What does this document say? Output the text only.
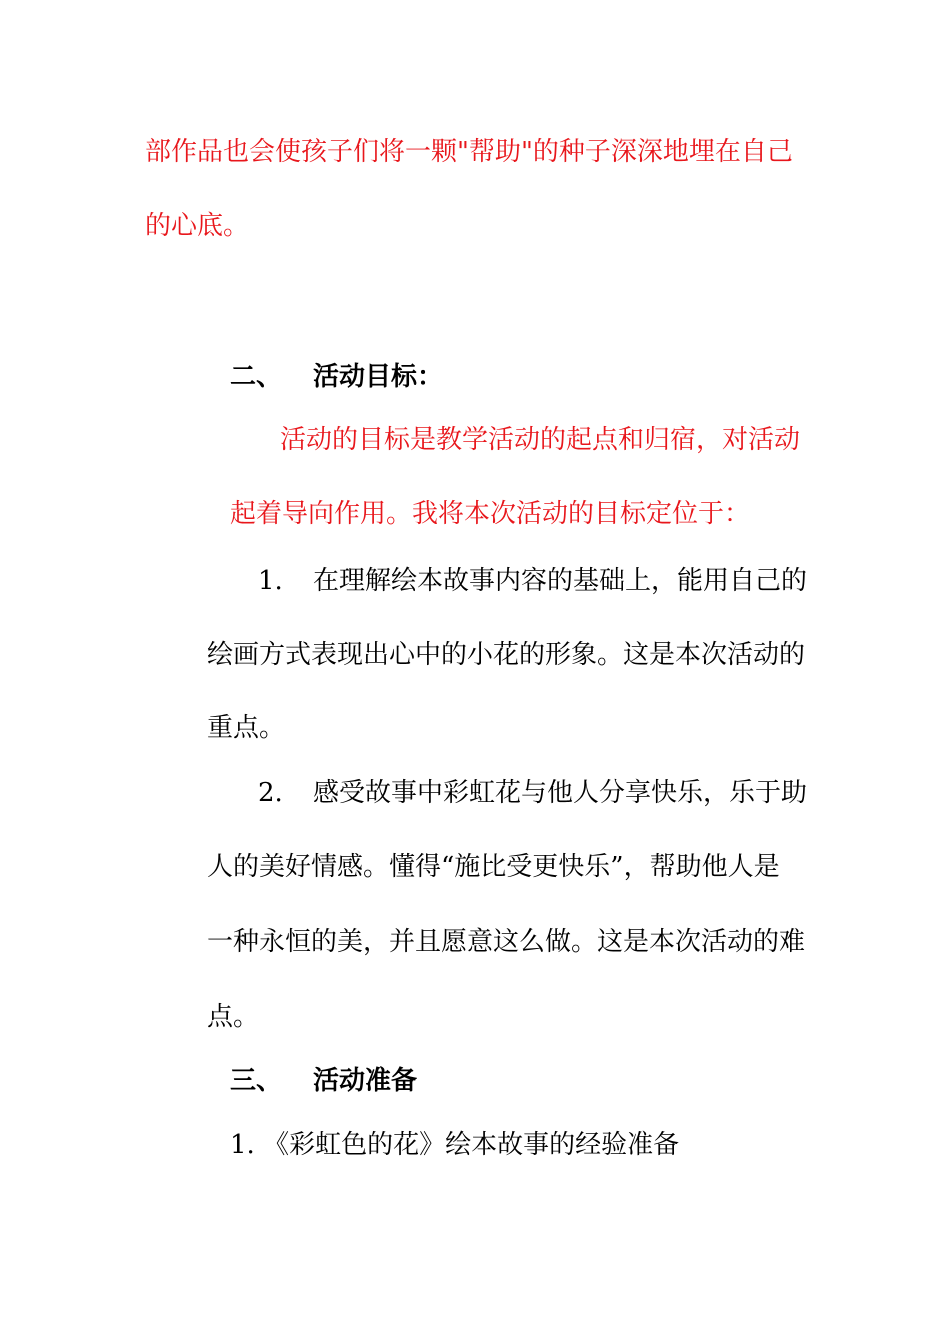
部作品也会使孩子们将一颗"帮助"的种子深深地埋在自己
的心底。
二、 活动目标：
活动的目标是教学活动的起点和归宿，对活动
起着导向作用。我将本次活动的目标定位于：
1. 在理解绘本故事内容的基础上，能用自己的
绘画方式表现出心中的小花的形象。这是本次活动的
重点。
2. 感受故事中彩虹花与他人分享快乐，乐于助
人的美好情感。懂得“施比受更快乐”，帮助他人是
一种永恒的美，并且愿意这么做。这是本次活动的难
点。
三、 活动准备
1. 《彩虹色的花》绘本故事的经验准备
